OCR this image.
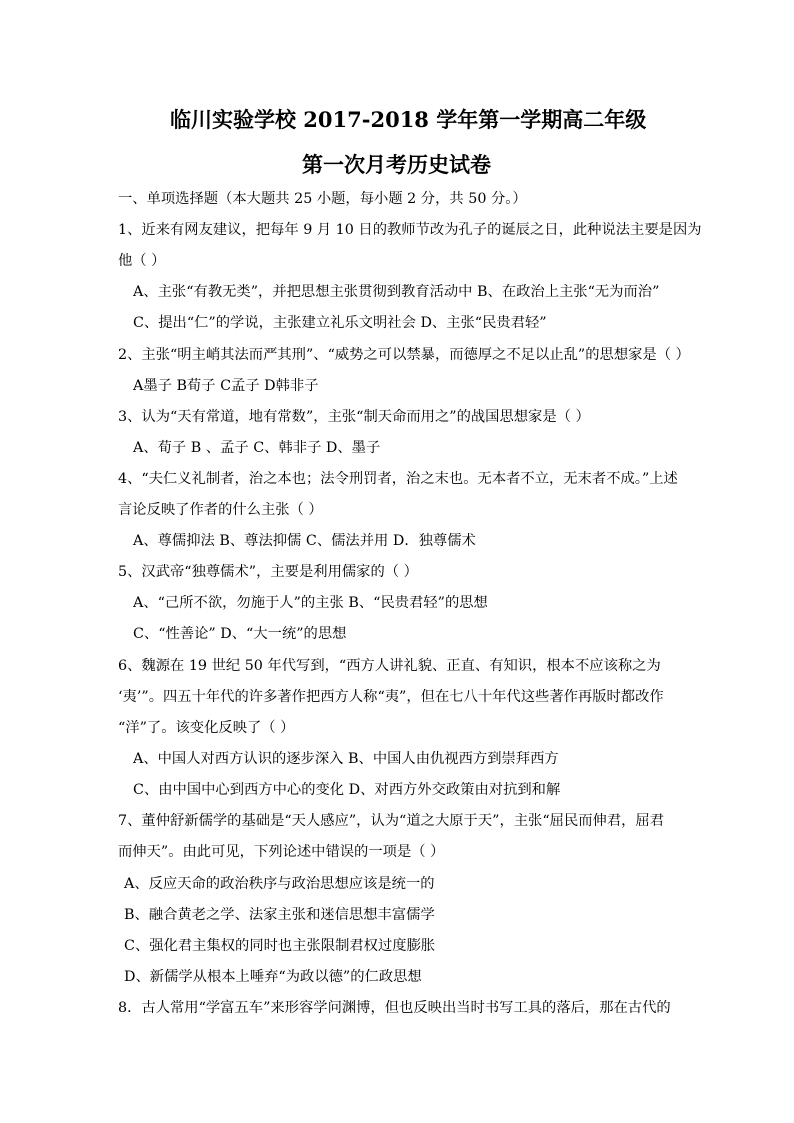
临川实验学校 2017-2018 学年第一学期高二年级
第一次月考历史试卷
一、单项选择题（本大题共 25 小题，每小题 2 分，共 50 分。）
1、近来有网友建议，把每年 9 月 10 日的教师节改为孔子的诞辰之日，此种说法主要是因为
他（ ）
A、主张“有教无类”，并把思想主张贯彻到教育活动中 B、在政治上主张“无为而治”
C、提出“仁”的学说，主张建立礼乐文明社会 D、主张“民贵君轻”
2、主张“明主峭其法而严其刑”、“威势之可以禁暴，而德厚之不足以止乱”的思想家是（ ）
A墨子 B荀子 C孟子 D韩非子
3、认为“天有常道，地有常数”，主张“制天命而用之”的战国思想家是（ ）
A、荀子 B 、孟子 C、韩非子 D、墨子
4、“夫仁义礼制者，治之本也；法令刑罚者，治之末也。无本者不立，无末者不成。”上述
言论反映了作者的什么主张（ ）
A、尊儒抑法 B、尊法抑儒 C、儒法并用 D．独尊儒术
5、汉武帝“独尊儒术”，主要是利用儒家的（ ）
A、“己所不欲，勿施于人”的主张 B、“民贵君轻”的思想
C、“性善论” D、“大一统”的思想
6、魏源在 19 世纪 50 年代写到，“西方人讲礼貌、正直、有知识，根本不应该称之为
‘夷’”。四五十年代的许多著作把西方人称“夷”，但在七八十年代这些著作再版时都改作
“洋”了。该变化反映了（ ）
A、中国人对西方认识的逐步深入 B、中国人由仇视西方到崇拜西方
C、由中国中心到西方中心的变化 D、对西方外交政策由对抗到和解
7、董仲舒新儒学的基础是“天人感应”，认为“道之大原于天”，主张“屈民而伸君，屈君
而伸天”。由此可见，下列论述中错误的一项是（ ）
A、反应天命的政治秩序与政治思想应该是统一的
B、融合黄老之学、法家主张和迷信思想丰富儒学
C、强化君主集权的同时也主张限制君权过度膨胀
D、新儒学从根本上唾弃“为政以德”的仁政思想
8．古人常用“学富五车”来形容学问渊博，但也反映出当时书写工具的落后，那在古代的
